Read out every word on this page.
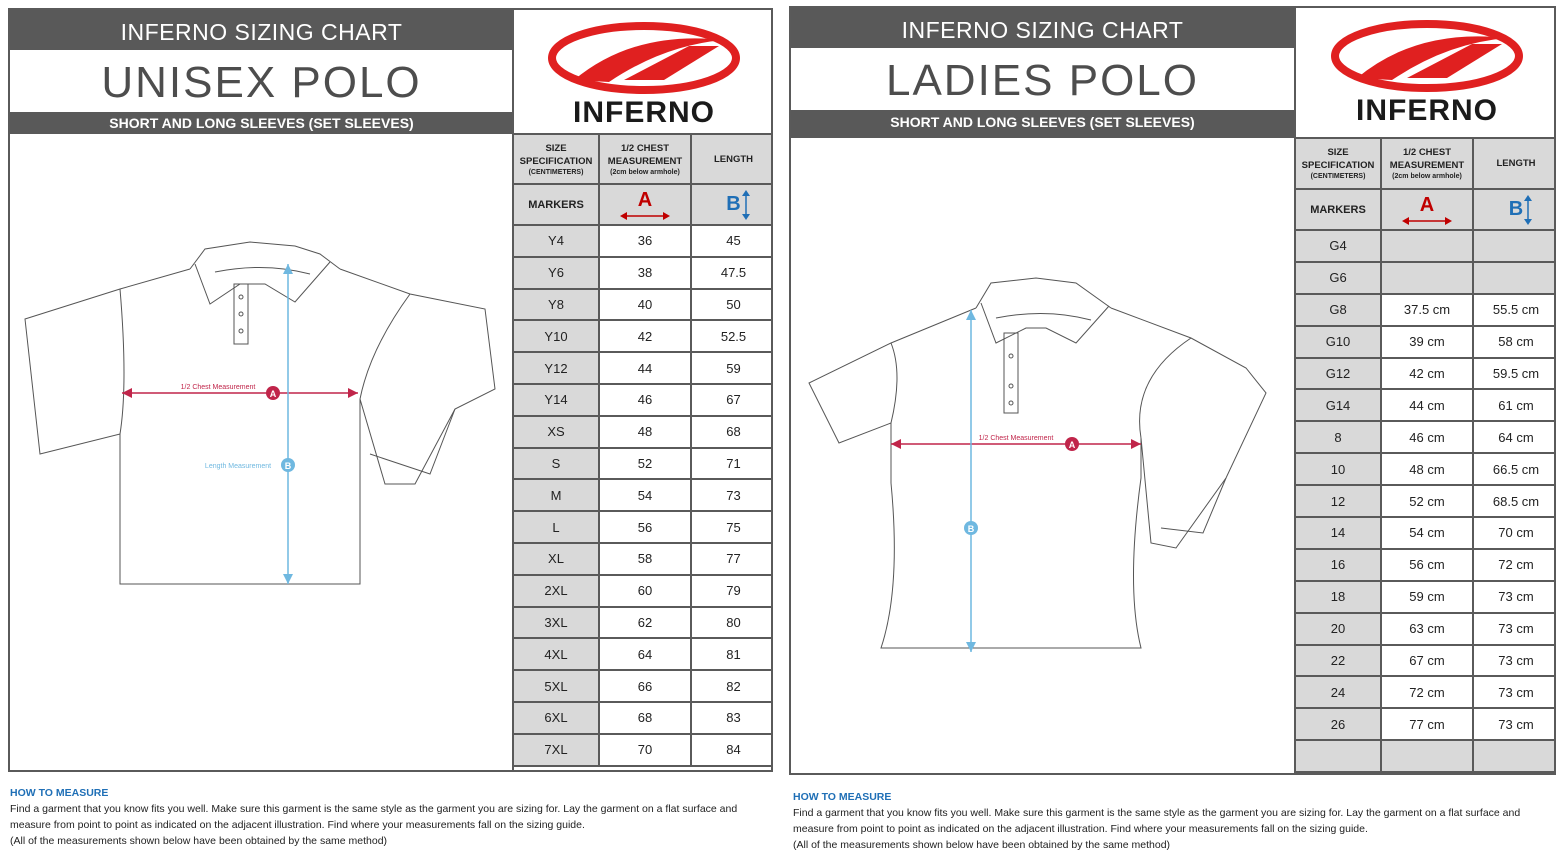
INFERNO SIZING CHART
UNISEX POLO
SHORT AND LONG SLEEVES (SET SLEEVES)	INFERNO
1/2 Chest Measurement
A
Length Measurement B
SIZE SPECIFICATION
(CENTIMETERS)	1/2 CHEST MEASUREMENT
(2cm below armhole)	LENGTH
MARKERS	A	B

Y4	36	45
Y6	38	47.5
Y8	40	50
Y10	42	52.5
Y12	44	59
Y14	46	67
XS	48	68
S	52	71
M	54	73
L	56	75
XL	58	77
2XL	60	79
3XL	62	80
4XL	64	81
5XL	66	82
6XL	68	83
7XL	70	84
HOW TO MEASURE
Find a garment that you know fits you well. Make sure this garment is the same style as the garment you are sizing for. Lay the garment on a flat surface and
measure from point to point as indicated on the adjacent illustration. Find where your measurements fall on the sizing guide.
(All of the measurements shown below have been obtained by the same method)
INFERNO SIZING CHART
LADIES POLO
SHORT AND LONG SLEEVES (SET SLEEVES)	INFERNO
1/2 Chest Measurement
A
B
SIZE SPECIFICATION
(CENTIMETERS)	1/2 CHEST MEASUREMENT
(2cm below armhole)	LENGTH
MARKERS	A	B

G4		
G6		
G8	37.5 cm	55.5 cm
G10	39 cm	58 cm
G12	42 cm	59.5 cm
G14	44 cm	61 cm
8	46 cm	64 cm
10	48 cm	66.5 cm
12	52 cm	68.5 cm
14	54 cm	70 cm
16	56 cm	72 cm
18	59 cm	73 cm
20	63 cm	73 cm
22	67 cm	73 cm
24	72 cm	73 cm
26	77 cm	73 cm

HOW TO MEASURE
Find a garment that you know fits you well. Make sure this garment is the same style as the garment you are sizing for. Lay the garment on a flat surface and
measure from point to point as indicated on the adjacent illustration. Find where your measurements fall on the sizing guide.
(All of the measurements shown below have been obtained by the same method)
